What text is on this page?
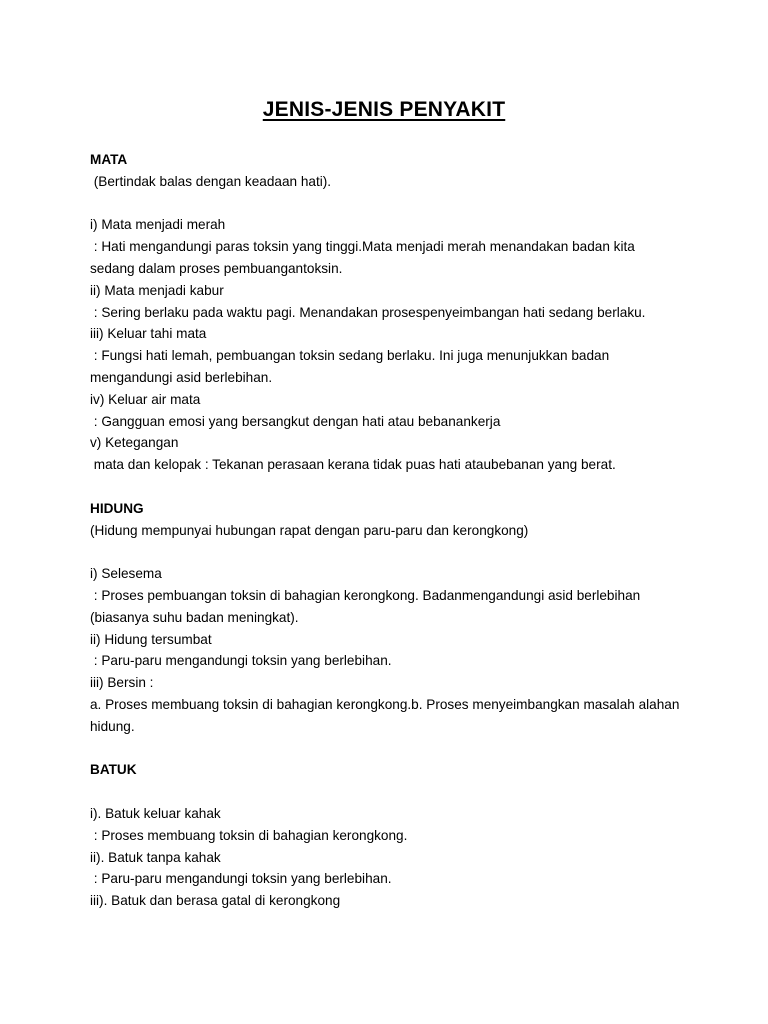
JENIS-JENIS PENYAKIT
MATA
(Bertindak balas dengan keadaan hati).
i) Mata menjadi merah
: Hati mengandungi paras toksin yang tinggi.Mata menjadi merah menandakan badan kita
sedang dalam proses pembuangantoksin.
ii) Mata menjadi kabur
: Sering berlaku pada waktu pagi. Menandakan prosespenyeimbangan hati sedang berlaku.
iii) Keluar tahi mata
: Fungsi hati lemah, pembuangan toksin sedang berlaku. Ini juga menunjukkan badan
mengandungi asid berlebihan.
iv) Keluar air mata
: Gangguan emosi yang bersangkut dengan hati atau bebanankerja
v) Ketegangan
mata dan kelopak : Tekanan perasaan kerana tidak puas hati ataubebanan yang berat.
HIDUNG
(Hidung mempunyai hubungan rapat dengan paru-paru dan kerongkong)
i) Selesema
: Proses pembuangan toksin di bahagian kerongkong. Badanmengandungi asid berlebihan
(biasanya suhu badan meningkat).
ii) Hidung tersumbat
: Paru-paru mengandungi toksin yang berlebihan.
iii) Bersin :
a. Proses membuang toksin di bahagian kerongkong.b. Proses menyeimbangkan masalah alahan
hidung.
BATUK
i). Batuk keluar kahak
: Proses membuang toksin di bahagian kerongkong.
ii). Batuk tanpa kahak
: Paru-paru mengandungi toksin yang berlebihan.
iii). Batuk dan berasa gatal di kerongkong
